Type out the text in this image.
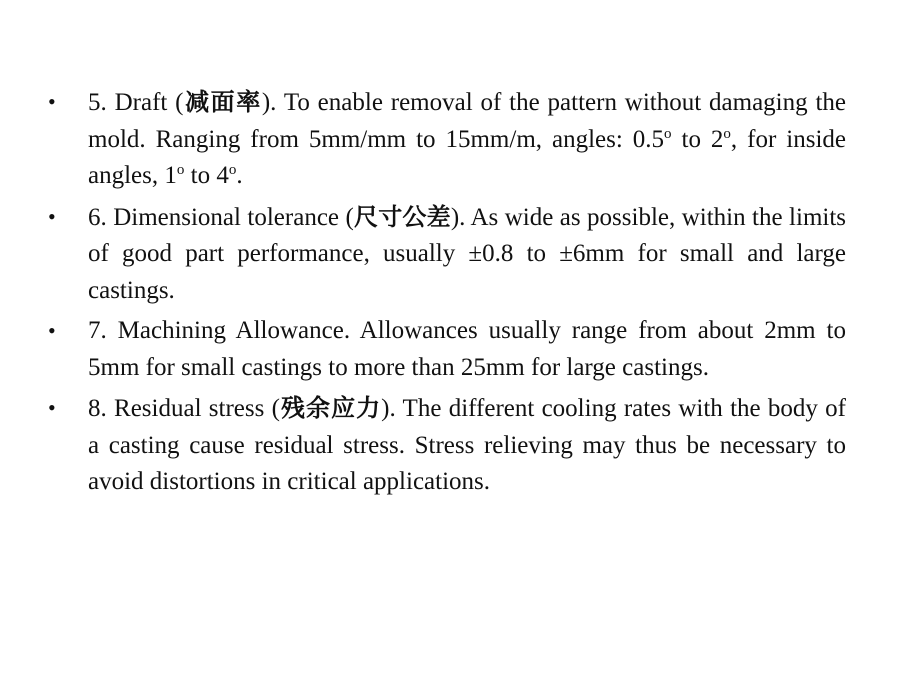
• 5. Draft (减面率). To enable removal of the pattern without damaging the mold. Ranging from 5mm/mm to 15mm/m, angles: 0.5$^o$ to 2$^o$, for inside angles, 1$^o$ to 4$^o$.
• 6. Dimensional tolerance (尺寸公差). As wide as possible, within the limits of good part performance, usually ±0.8 to ±6mm for small and large castings.
• 7. Machining Allowance. Allowances usually range from about 2mm to 5mm for small castings to more than 25mm for large castings.
• 8. Residual stress (残余应力). The different cooling rates with the body of a casting cause residual stress. Stress relieving may thus be necessary to avoid distortions in critical applications.
